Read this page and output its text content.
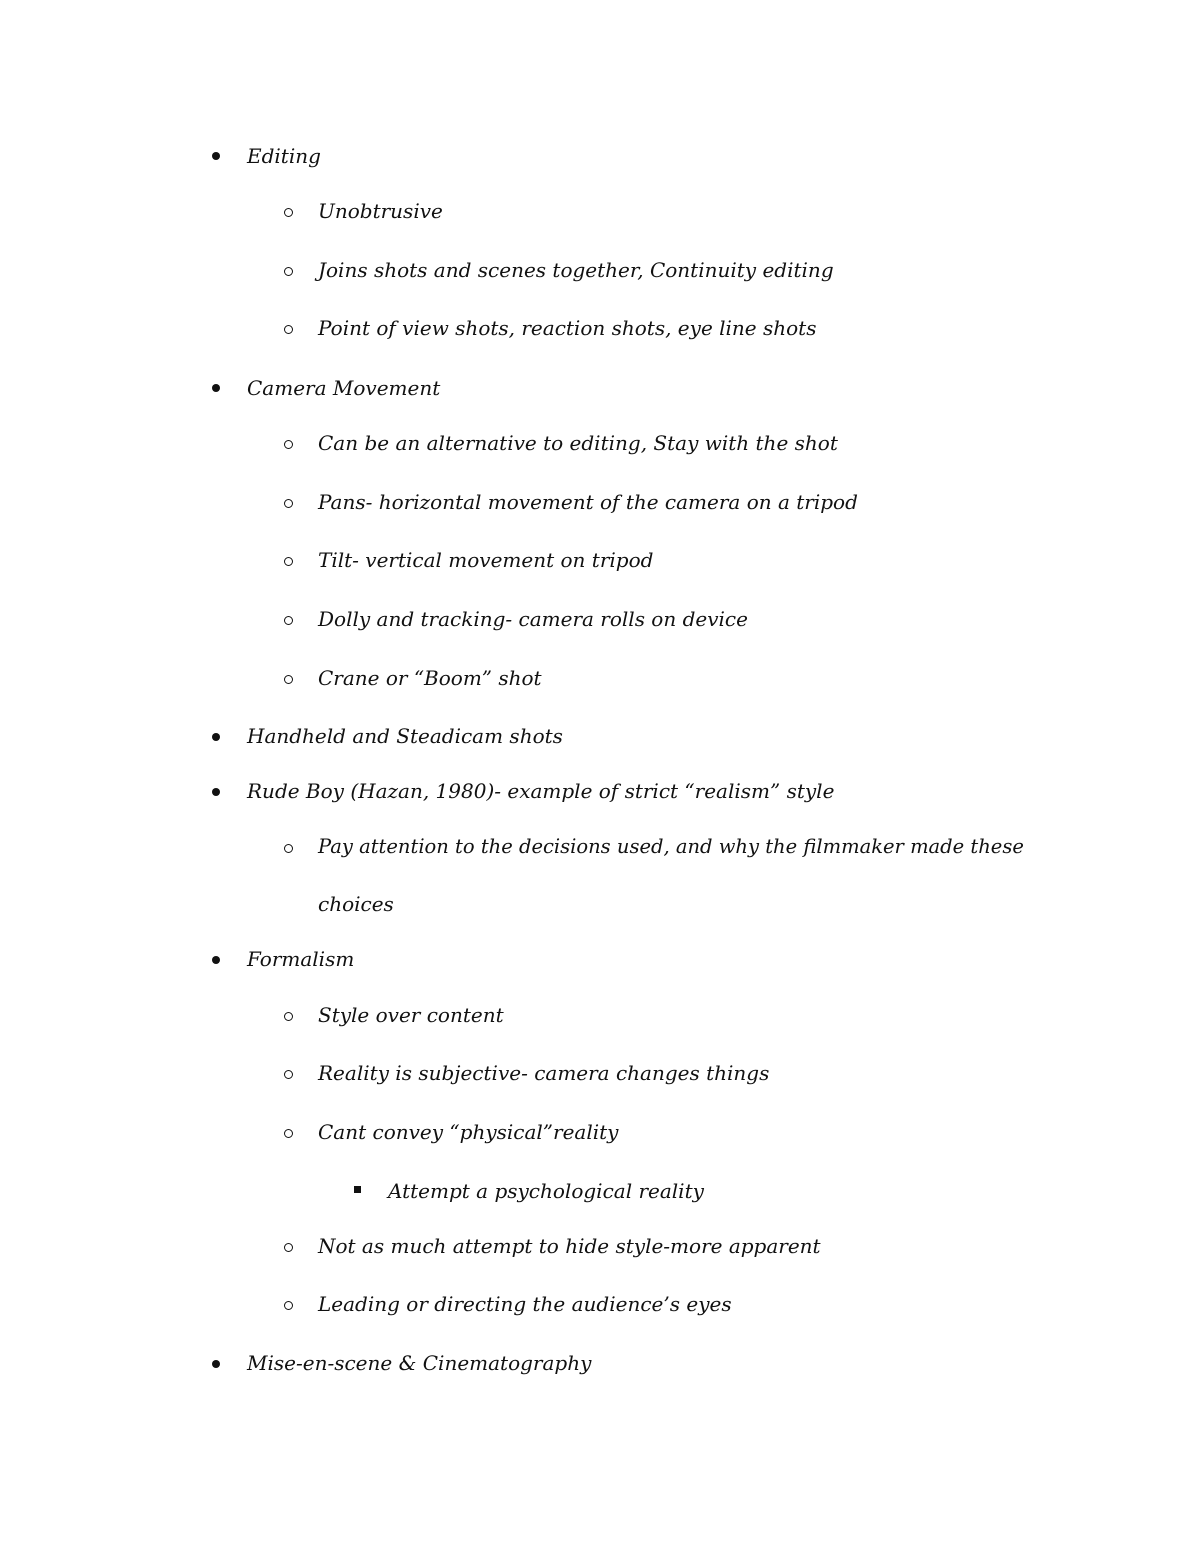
Editing
Unobtrusive
Joins shots and scenes together, Continuity editing
Point of view shots, reaction shots, eye line shots
Camera Movement
Can be an alternative to editing, Stay with the shot
Pans- horizontal movement of the camera on a tripod
Tilt- vertical movement on tripod
Dolly and tracking- camera rolls on device
Crane or “Boom” shot
Handheld and Steadicam shots
Rude Boy (Hazan, 1980)- example of strict “realism” style
Pay attention to the decisions used, and why the filmmaker made these
choices
Formalism
Style over content
Reality is subjective- camera changes things
Cant convey “physical”reality
Attempt a psychological reality
Not as much attempt to hide style-more apparent
Leading or directing the audience’s eyes
Mise-en-scene & Cinematography
